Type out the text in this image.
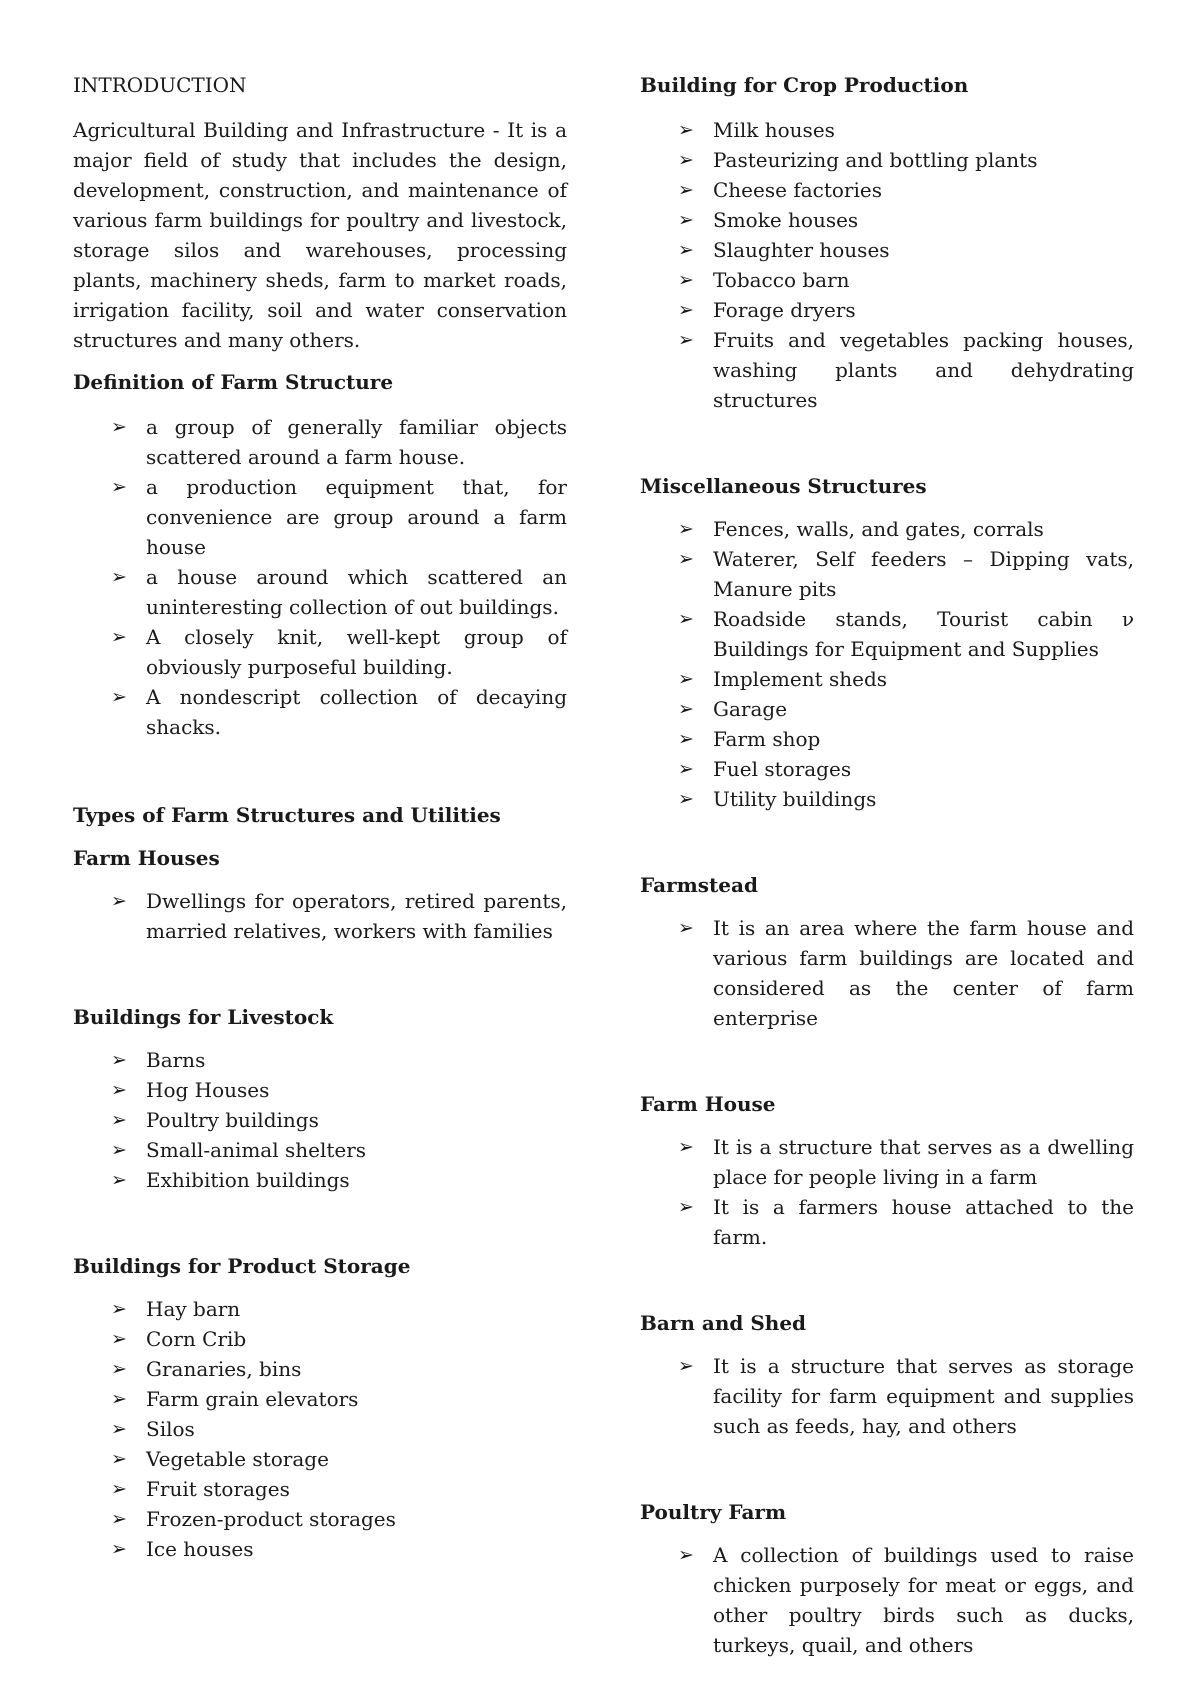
INTRODUCTION

Agricultural Building and Infrastructure - It is a major field of study that includes the design, development, construction, and maintenance of various farm buildings for poultry and livestock, storage silos and warehouses, processing plants, machinery sheds, farm to market roads, irrigation facility, soil and water conservation structures and many others.

Definition of Farm Structure

➢ a group of generally familiar objects scattered around a farm house.
➢ a production equipment that, for convenience are group around a farm house
➢ a house around which scattered an uninteresting collection of out buildings.
➢ A closely knit, well-kept group of obviously purposeful building.
➢ A nondescript collection of decaying shacks.

Types of Farm Structures and Utilities

Farm Houses

➢ Dwellings for operators, retired parents, married relatives, workers with families

Buildings for Livestock

➢ Barns
➢ Hog Houses
➢ Poultry buildings
➢ Small-animal shelters
➢ Exhibition buildings

Buildings for Product Storage

➢ Hay barn
➢ Corn Crib
➢ Granaries, bins
➢ Farm grain elevators
➢ Silos
➢ Vegetable storage
➢ Fruit storages
➢ Frozen-product storages
➢ Ice houses

Building for Crop Production

➢ Milk houses
➢ Pasteurizing and bottling plants
➢ Cheese factories
➢ Smoke houses
➢ Slaughter houses
➢ Tobacco barn
➢ Forage dryers
➢ Fruits and vegetables packing houses, washing plants and dehydrating structures

Miscellaneous Structures

➢ Fences, walls, and gates, corrals
➢ Waterer, Self feeders – Dipping vats, Manure pits
➢ Roadside stands, Tourist cabin ν Buildings for Equipment and Supplies
➢ Implement sheds
➢ Garage
➢ Farm shop
➢ Fuel storages
➢ Utility buildings

Farmstead

➢ It is an area where the farm house and various farm buildings are located and considered as the center of farm enterprise

Farm House

➢ It is a structure that serves as a dwelling place for people living in a farm
➢ It is a farmers house attached to the farm.

Barn and Shed

➢ It is a structure that serves as storage facility for farm equipment and supplies such as feeds, hay, and others

Poultry Farm

➢ A collection of buildings used to raise chicken purposely for meat or eggs, and other poultry birds such as ducks, turkeys, quail, and others
